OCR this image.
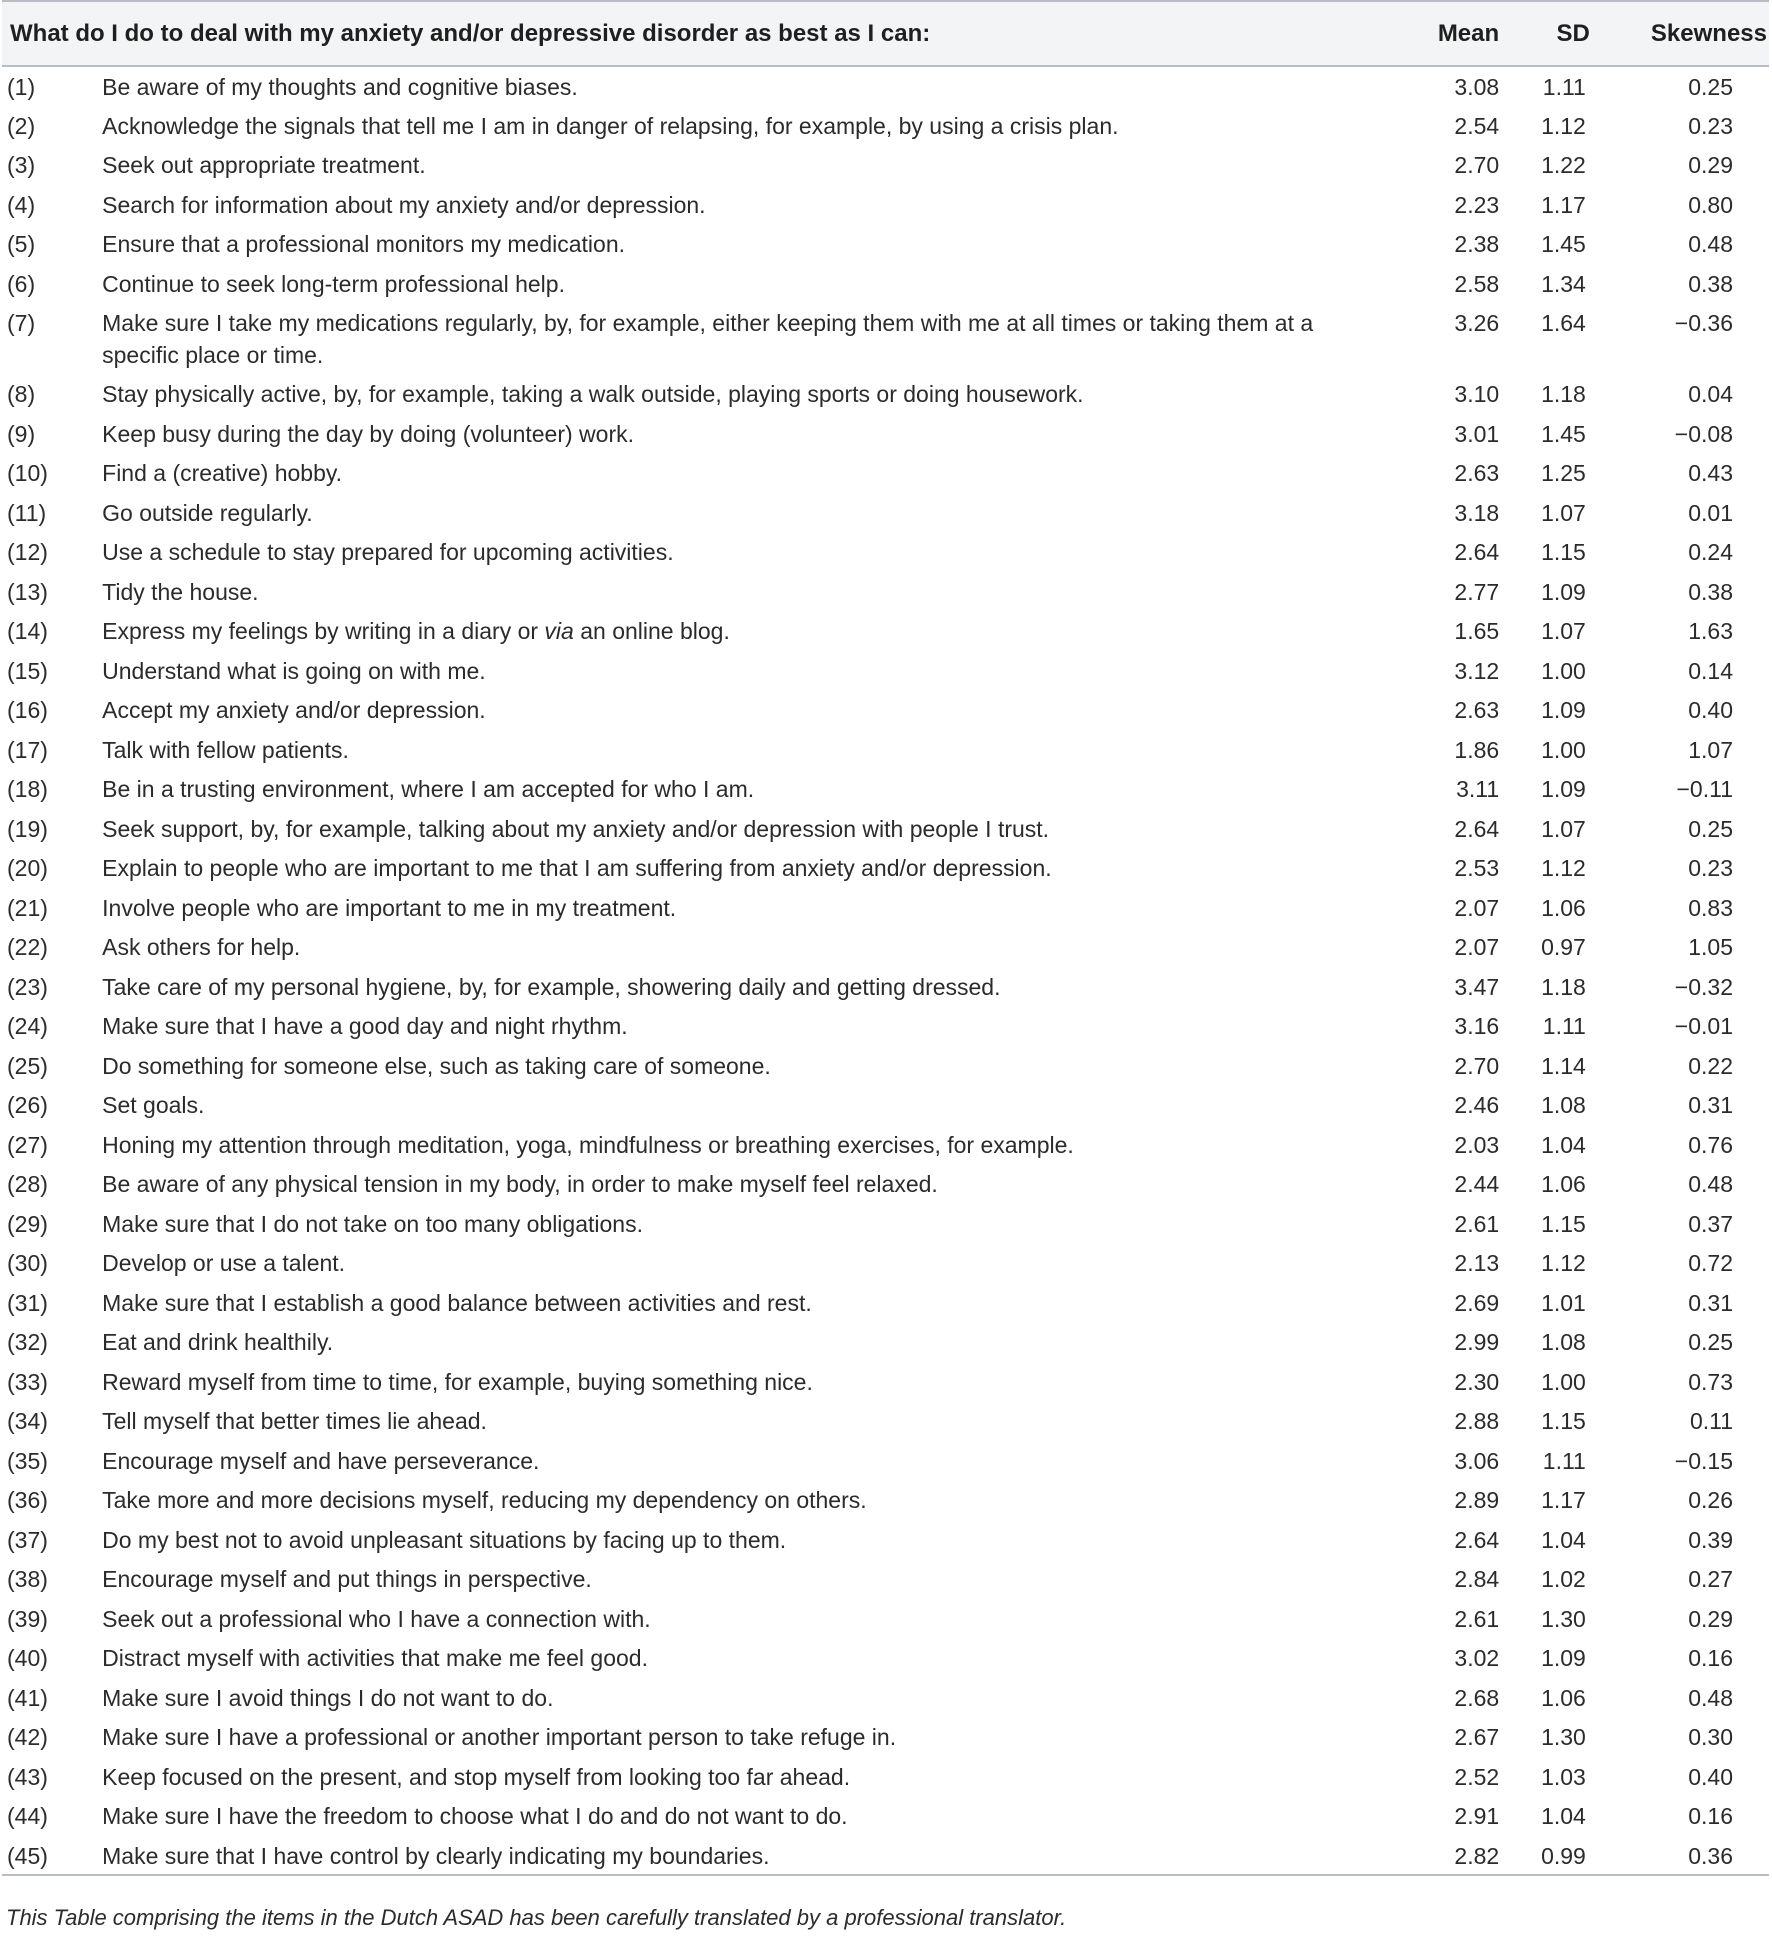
What do I do to deal with my anxiety and/or depressive disorder as best as I can:		Mean	SD	Skewness
(1)	Be aware of my thoughts and cognitive biases.	3.08	1.11	0.25
(2)	Acknowledge the signals that tell me I am in danger of relapsing, for example, by using a crisis plan.	2.54	1.12	0.23
(3)	Seek out appropriate treatment.	2.70	1.22	0.29
(4)	Search for information about my anxiety and/or depression.	2.23	1.17	0.80
(5)	Ensure that a professional monitors my medication.	2.38	1.45	0.48
(6)	Continue to seek long-term professional help.	2.58	1.34	0.38
(7)	Make sure I take my medications regularly, by, for example, either keeping them with me at all times or taking them at a specific place or time.	3.26	1.64	−0.36
(8)	Stay physically active, by, for example, taking a walk outside, playing sports or doing housework.	3.10	1.18	0.04
(9)	Keep busy during the day by doing (volunteer) work.	3.01	1.45	−0.08
(10)	Find a (creative) hobby.	2.63	1.25	0.43
(11)	Go outside regularly.	3.18	1.07	0.01
(12)	Use a schedule to stay prepared for upcoming activities.	2.64	1.15	0.24
(13)	Tidy the house.	2.77	1.09	0.38
(14)	Express my feelings by writing in a diary or via an online blog.	1.65	1.07	1.63
(15)	Understand what is going on with me.	3.12	1.00	0.14
(16)	Accept my anxiety and/or depression.	2.63	1.09	0.40
(17)	Talk with fellow patients.	1.86	1.00	1.07
(18)	Be in a trusting environment, where I am accepted for who I am.	3.11	1.09	−0.11
(19)	Seek support, by, for example, talking about my anxiety and/or depression with people I trust.	2.64	1.07	0.25
(20)	Explain to people who are important to me that I am suffering from anxiety and/or depression.	2.53	1.12	0.23
(21)	Involve people who are important to me in my treatment.	2.07	1.06	0.83
(22)	Ask others for help.	2.07	0.97	1.05
(23)	Take care of my personal hygiene, by, for example, showering daily and getting dressed.	3.47	1.18	−0.32
(24)	Make sure that I have a good day and night rhythm.	3.16	1.11	−0.01
(25)	Do something for someone else, such as taking care of someone.	2.70	1.14	0.22
(26)	Set goals.	2.46	1.08	0.31
(27)	Honing my attention through meditation, yoga, mindfulness or breathing exercises, for example.	2.03	1.04	0.76
(28)	Be aware of any physical tension in my body, in order to make myself feel relaxed.	2.44	1.06	0.48
(29)	Make sure that I do not take on too many obligations.	2.61	1.15	0.37
(30)	Develop or use a talent.	2.13	1.12	0.72
(31)	Make sure that I establish a good balance between activities and rest.	2.69	1.01	0.31
(32)	Eat and drink healthily.	2.99	1.08	0.25
(33)	Reward myself from time to time, for example, buying something nice.	2.30	1.00	0.73
(34)	Tell myself that better times lie ahead.	2.88	1.15	0.11
(35)	Encourage myself and have perseverance.	3.06	1.11	−0.15
(36)	Take more and more decisions myself, reducing my dependency on others.	2.89	1.17	0.26
(37)	Do my best not to avoid unpleasant situations by facing up to them.	2.64	1.04	0.39
(38)	Encourage myself and put things in perspective.	2.84	1.02	0.27
(39)	Seek out a professional who I have a connection with.	2.61	1.30	0.29
(40)	Distract myself with activities that make me feel good.	3.02	1.09	0.16
(41)	Make sure I avoid things I do not want to do.	2.68	1.06	0.48
(42)	Make sure I have a professional or another important person to take refuge in.	2.67	1.30	0.30
(43)	Keep focused on the present, and stop myself from looking too far ahead.	2.52	1.03	0.40
(44)	Make sure I have the freedom to choose what I do and do not want to do.	2.91	1.04	0.16
(45)	Make sure that I have control by clearly indicating my boundaries.	2.82	0.99	0.36
This Table comprising the items in the Dutch ASAD has been carefully translated by a professional translator.
